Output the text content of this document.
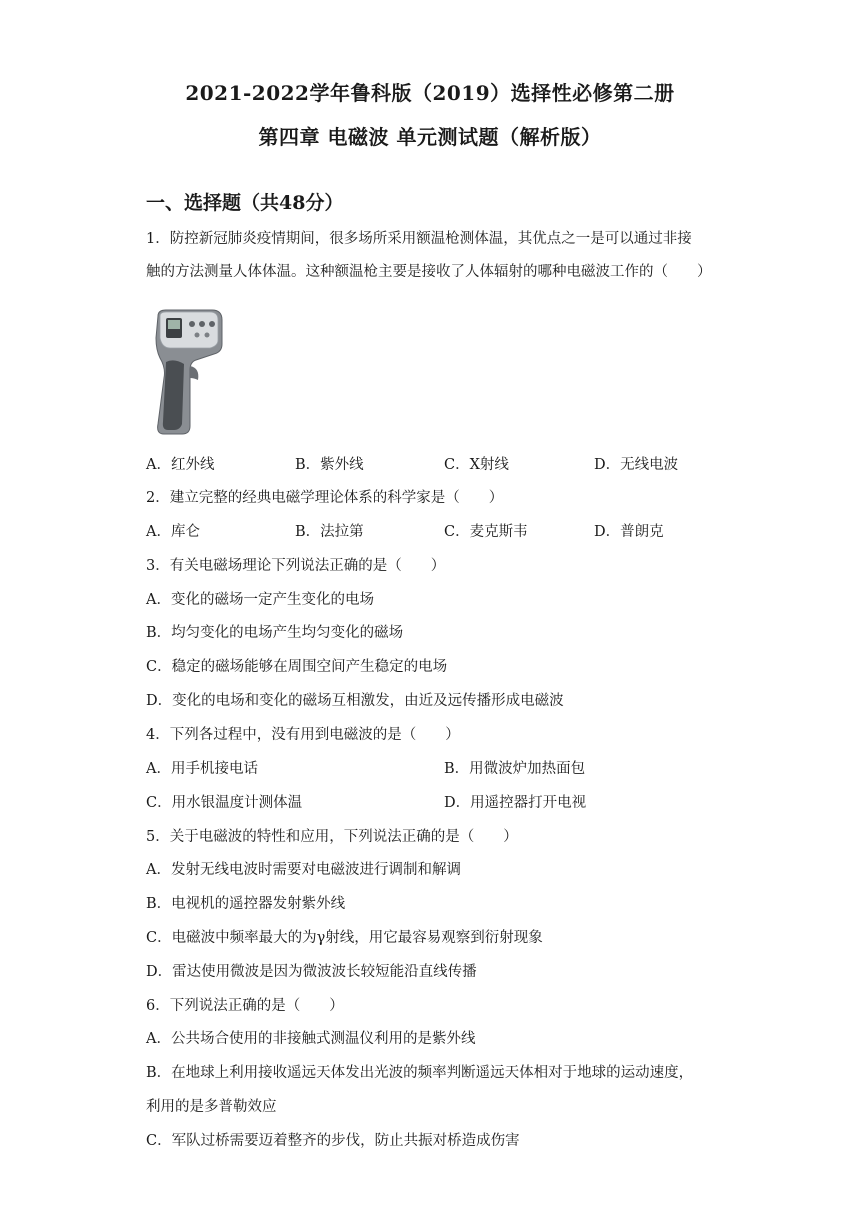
2021-2022学年鲁科版（2019）选择性必修第二册
第四章 电磁波 单元测试题（解析版）
一、选择题（共48分）
1．防控新冠肺炎疫情期间，很多场所采用额温枪测体温，其优点之一是可以通过非接
触的方法测量人体体温。这种额温枪主要是接收了人体辐射的哪种电磁波工作的（　　）
A．红外线	B．紫外线	C．X射线	D．无线电波
2．建立完整的经典电磁学理论体系的科学家是（　　）
A．库仑	B．法拉第	C．麦克斯韦	D．普朗克
3．有关电磁场理论下列说法正确的是（　　）
A．变化的磁场一定产生变化的电场
B．均匀变化的电场产生均匀变化的磁场
C．稳定的磁场能够在周围空间产生稳定的电场
D．变化的电场和变化的磁场互相激发，由近及远传播形成电磁波
4．下列各过程中，没有用到电磁波的是（　　）
A．用手机接电话	B．用微波炉加热面包
C．用水银温度计测体温	D．用遥控器打开电视
5．关于电磁波的特性和应用，下列说法正确的是（　　）
A．发射无线电波时需要对电磁波进行调制和解调
B．电视机的遥控器发射紫外线
C．电磁波中频率最大的为γ射线，用它最容易观察到衍射现象
D．雷达使用微波是因为微波波长较短能沿直线传播
6．下列说法正确的是（　　）
A．公共场合使用的非接触式测温仪利用的是紫外线
B．在地球上利用接收遥远天体发出光波的频率判断遥远天体相对于地球的运动速度，
利用的是多普勒效应
C．军队过桥需要迈着整齐的步伐，防止共振对桥造成伤害
